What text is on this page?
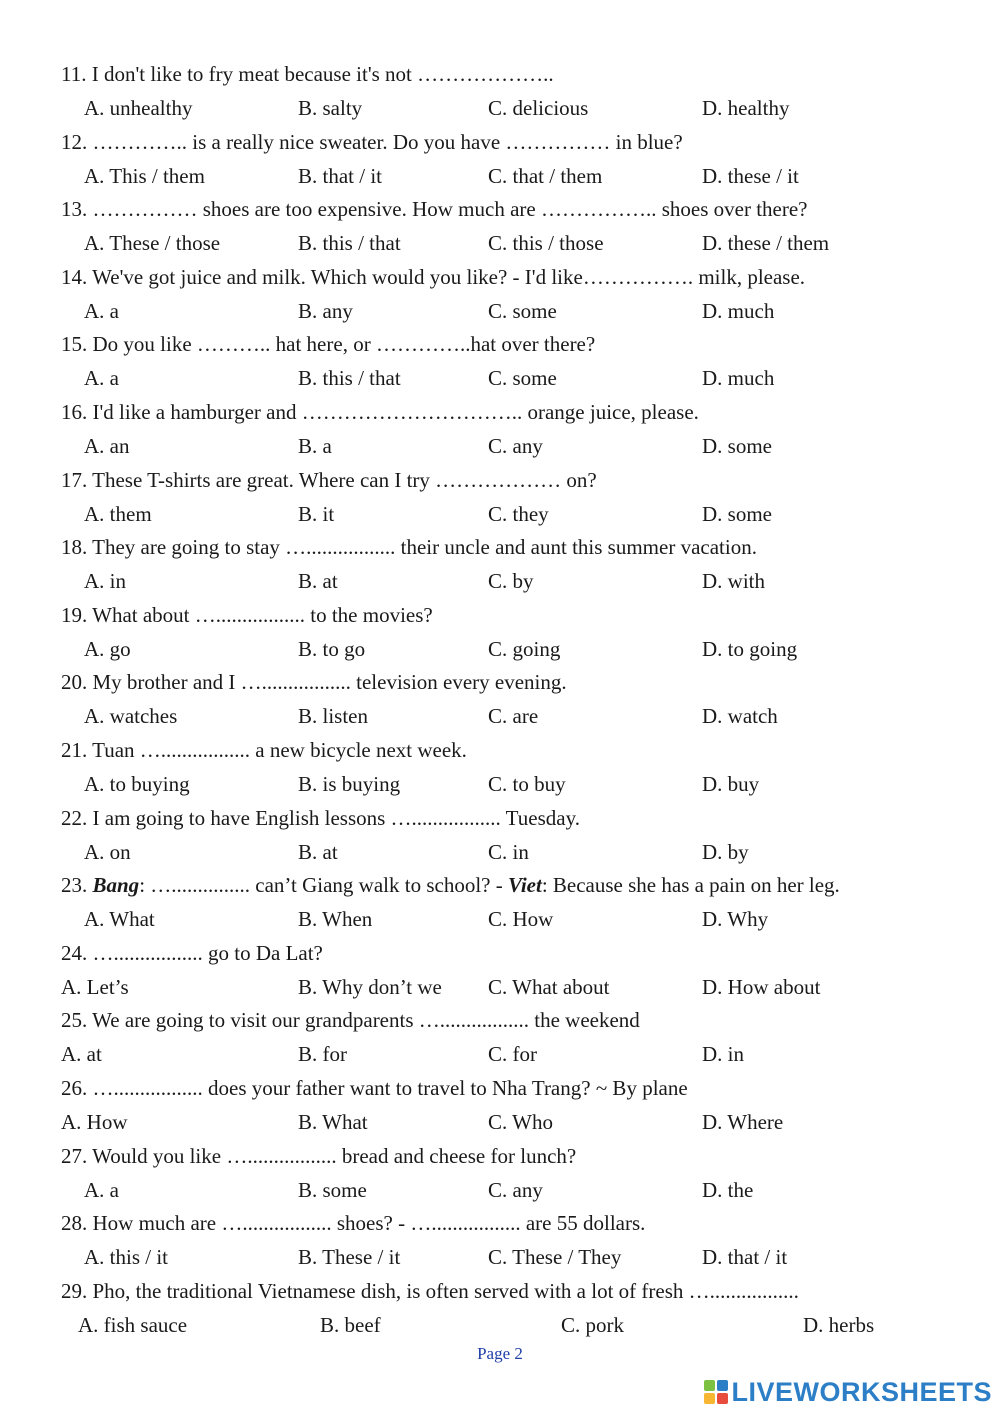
11. I don't like to fry meat because it's not ………………..
A. unhealthy	B. salty	C. delicious	D. healthy
12. ………….. is a really nice sweater. Do you have …………… in blue?
A. This / them	B. that / it	C. that / them	D. these / it
13. …………… shoes are too expensive. How much are …………….. shoes over there?
A. These / those	B. this / that	C. this / those	D. these / them
14. We've got juice and milk. Which would you like? - I'd like……………. milk, please.
A. a	B. any	C. some	D. much
15. Do you like ……….. hat here, or …………..hat over there?
A. a	B. this / that	C. some	D. much
16. I'd like a hamburger and ………………………….. orange juice, please.
A. an	B. a	C. any	D. some
17. These T-shirts are great. Where can I try ……………… on?
A. them	B. it	C. they	D. some
18. They are going to stay …................. their uncle and aunt this summer vacation.
A. in	B. at	C. by	D. with
19. What about …................. to the movies?
A. go	B. to go	C. going	D. to going
20. My brother and I …................. television every evening.
A. watches	B. listen	C. are	D. watch
21. Tuan …................. a new bicycle next week.
A. to buying	B. is buying	C. to buy	D. buy
22. I am going to have English lessons …................. Tuesday.
A. on	B. at	C. in	D. by
23. Bang: …............... can’t Giang walk to school? - Viet: Because she has a pain on her leg.
A. What	B. When	C. How	D. Why
24. …................. go to Da Lat?
A. Let’s	B. Why don’t we C. What about	D. How about
25. We are going to visit our grandparents …................. the weekend
A. at	B. for	C. for	D. in
26. …................. does your father want to travel to Nha Trang? ~ By plane
A. How	B. What	C. Who	D. Where
27. Would you like …................. bread and cheese for lunch?
A. a	B. some	C. any	D. the
28. How much are …................. shoes? - …................. are 55 dollars.
A. this / it	B. These / it	C. These / They	D. that / it
29. Pho, the traditional Vietnamese dish, is often served with a lot of fresh ….................
A. fish sauce	B. beef	C. pork	D. herbs
Page 2
LIVEWORKSHEETS
